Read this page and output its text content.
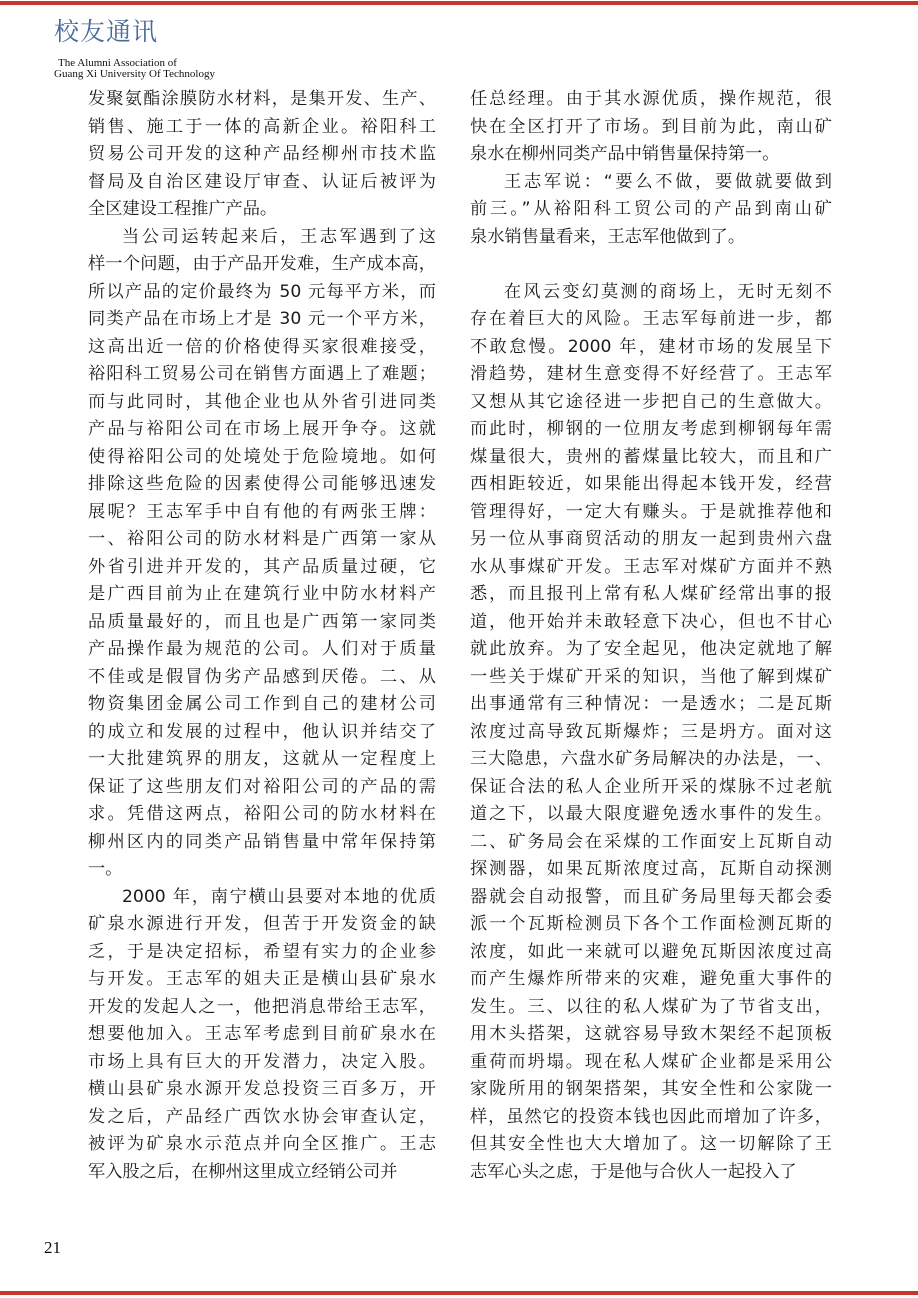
校友通讯
The Alumni Association of
Guang Xi University Of Technology
发聚氨酯涂膜防水材料，是集开发、生产、
销售、施工于一体的高新企业。裕阳科工
贸易公司开发的这种产品经柳州市技术监
督局及自治区建设厅审查、认证后被评为
全区建设工程推广产品。
当公司运转起来后，王志军遇到了这
样一个问题，由于产品开发难，生产成本高，
所以产品的定价最终为 50 元每平方米，而
同类产品在市场上才是 30 元一个平方米，
这高出近一倍的价格使得买家很难接受，
裕阳科工贸易公司在销售方面遇上了难题；
而与此同时，其他企业也从外省引进同类
产品与裕阳公司在市场上展开争夺。这就
使得裕阳公司的处境处于危险境地。如何
排除这些危险的因素使得公司能够迅速发
展呢？王志军手中自有他的有两张王牌：
一、裕阳公司的防水材料是广西第一家从
外省引进并开发的，其产品质量过硬，它
是广西目前为止在建筑行业中防水材料产
品质量最好的，而且也是广西第一家同类
产品操作最为规范的公司。人们对于质量
不佳或是假冒伪劣产品感到厌倦。二、从
物资集团金属公司工作到自己的建材公司
的成立和发展的过程中，他认识并结交了
一大批建筑界的朋友，这就从一定程度上
保证了这些朋友们对裕阳公司的产品的需
求。凭借这两点，裕阳公司的防水材料在
柳州区内的同类产品销售量中常年保持第
一。
2000 年，南宁横山县要对本地的优质
矿泉水源进行开发，但苦于开发资金的缺
乏，于是决定招标，希望有实力的企业参
与开发。王志军的姐夫正是横山县矿泉水
开发的发起人之一，他把消息带给王志军，
想要他加入。王志军考虑到目前矿泉水在
市场上具有巨大的开发潜力，决定入股。
横山县矿泉水源开发总投资三百多万，开
发之后，产品经广西饮水协会审查认定，
被评为矿泉水示范点并向全区推广。王志
军入股之后，在柳州这里成立经销公司并
任总经理。由于其水源优质，操作规范，很
快在全区打开了市场。到目前为此，南山矿
泉水在柳州同类产品中销售量保持第一。
王志军说：“要么不做，要做就要做到
前三。”从裕阳科工贸公司的产品到南山矿
泉水销售量看来，王志军他做到了。
在风云变幻莫测的商场上，无时无刻不
存在着巨大的风险。王志军每前进一步，都
不敢怠慢。2000 年，建材市场的发展呈下
滑趋势，建材生意变得不好经营了。王志军
又想从其它途径进一步把自己的生意做大。
而此时，柳钢的一位朋友考虑到柳钢每年需
煤量很大，贵州的蓄煤量比较大，而且和广
西相距较近，如果能出得起本钱开发，经营
管理得好，一定大有赚头。于是就推荐他和
另一位从事商贸活动的朋友一起到贵州六盘
水从事煤矿开发。王志军对煤矿方面并不熟
悉，而且报刊上常有私人煤矿经常出事的报
道，他开始并未敢轻意下决心，但也不甘心
就此放弃。为了安全起见，他决定就地了解
一些关于煤矿开采的知识，当他了解到煤矿
出事通常有三种情况：一是透水；二是瓦斯
浓度过高导致瓦斯爆炸；三是坍方。面对这
三大隐患，六盘水矿务局解决的办法是，一、
保证合法的私人企业所开采的煤脉不过老航
道之下，以最大限度避免透水事件的发生。
二、矿务局会在采煤的工作面安上瓦斯自动
探测器，如果瓦斯浓度过高，瓦斯自动探测
器就会自动报警，而且矿务局里每天都会委
派一个瓦斯检测员下各个工作面检测瓦斯的
浓度，如此一来就可以避免瓦斯因浓度过高
而产生爆炸所带来的灾难，避免重大事件的
发生。三、以往的私人煤矿为了节省支出，
用木头搭架，这就容易导致木架经不起顶板
重荷而坍塌。现在私人煤矿企业都是采用公
家陇所用的钢架搭架，其安全性和公家陇一
样，虽然它的投资本钱也因此而增加了许多，
但其安全性也大大增加了。这一切解除了王
志军心头之虑，于是他与合伙人一起投入了
21
